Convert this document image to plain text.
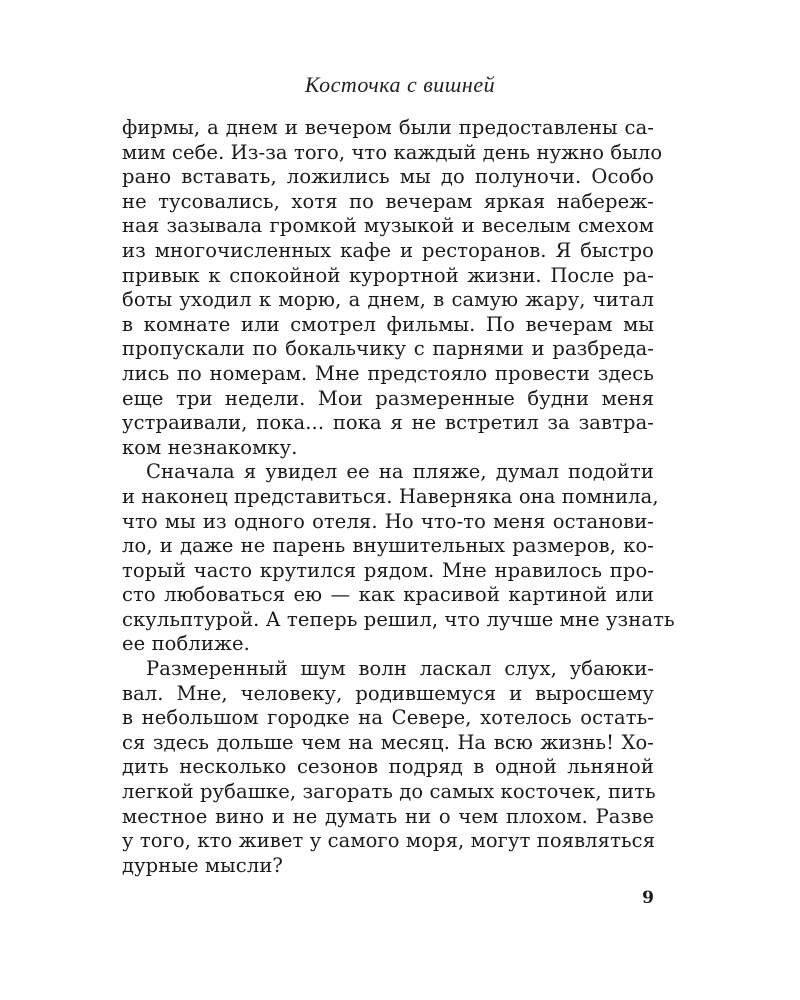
Косточка с вишней
фирмы, а днем и вечером были предоставлены са-
мим себе. Из-за того, что каждый день нужно было
рано вставать, ложились мы до полуночи. Особо
не тусовались, хотя по вечерам яркая набереж-
ная зазывала громкой музыкой и веселым смехом
из многочисленных кафе и ресторанов. Я быстро
привык к спокойной курортной жизни. После ра-
боты уходил к морю, а днем, в самую жару, читал
в комнате или смотрел фильмы. По вечерам мы
пропускали по бокальчику с парнями и разбреда-
лись по номерам. Мне предстояло провести здесь
еще три недели. Мои размеренные будни меня
устраивали, пока... пока я не встретил за завтра-
ком незнакомку.
Сначала я увидел ее на пляже, думал подойти
и наконец представиться. Наверняка она помнила,
что мы из одного отеля. Но что-то меня останови-
ло, и даже не парень внушительных размеров, ко-
торый часто крутился рядом. Мне нравилось про-
сто любоваться ею — как красивой картиной или
скульптурой. А теперь решил, что лучше мне узнать
ее поближе.
Размеренный шум волн ласкал слух, убаюки-
вал. Мне, человеку, родившемуся и выросшему
в небольшом городке на Севере, хотелось остать-
ся здесь дольше чем на месяц. На всю жизнь! Хо-
дить несколько сезонов подряд в одной льняной
легкой рубашке, загорать до самых косточек, пить
местное вино и не думать ни о чем плохом. Разве
у того, кто живет у самого моря, могут появляться
дурные мысли?
9
